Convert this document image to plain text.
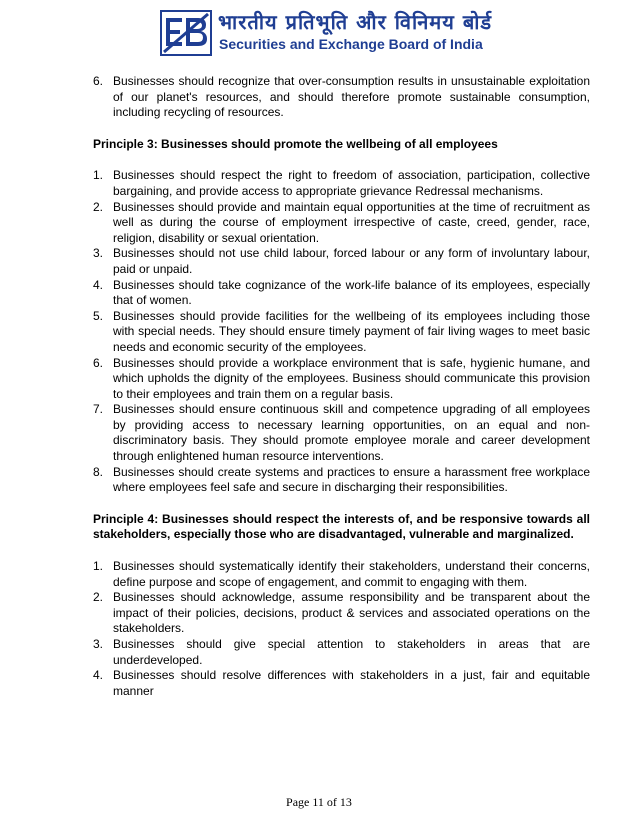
भारतीय प्रतिभूति और विनिमय बोर्ड
Securities and Exchange Board of India
6. Businesses should recognize that over-consumption results in unsustainable exploitation of our planet's resources, and should therefore promote sustainable consumption, including recycling of resources.
Principle 3: Businesses should promote the wellbeing of all employees
1. Businesses should respect the right to freedom of association, participation, collective bargaining, and provide access to appropriate grievance Redressal mechanisms.
2. Businesses should provide and maintain equal opportunities at the time of recruitment as well as during the course of employment irrespective of caste, creed, gender, race, religion, disability or sexual orientation.
3. Businesses should not use child labour, forced labour or any form of involuntary labour, paid or unpaid.
4. Businesses should take cognizance of the work-life balance of its employees, especially that of women.
5. Businesses should provide facilities for the wellbeing of its employees including those with special needs. They should ensure timely payment of fair living wages to meet basic needs and economic security of the employees.
6. Businesses should provide a workplace environment that is safe, hygienic humane, and which upholds the dignity of the employees. Business should communicate this provision to their employees and train them on a regular basis.
7. Businesses should ensure continuous skill and competence upgrading of all employees by providing access to necessary learning opportunities, on an equal and non-discriminatory basis. They should promote employee morale and career development through enlightened human resource interventions.
8. Businesses should create systems and practices to ensure a harassment free workplace where employees feel safe and secure in discharging their responsibilities.
Principle 4: Businesses should respect the interests of, and be responsive towards all stakeholders, especially those who are disadvantaged, vulnerable and marginalized.
1. Businesses should systematically identify their stakeholders, understand their concerns, define purpose and scope of engagement, and commit to engaging with them.
2. Businesses should acknowledge, assume responsibility and be transparent about the impact of their policies, decisions, product & services and associated operations on the stakeholders.
3. Businesses should give special attention to stakeholders in areas that are underdeveloped.
4. Businesses should resolve differences with stakeholders in a just, fair and equitable manner
Page 11 of 13
